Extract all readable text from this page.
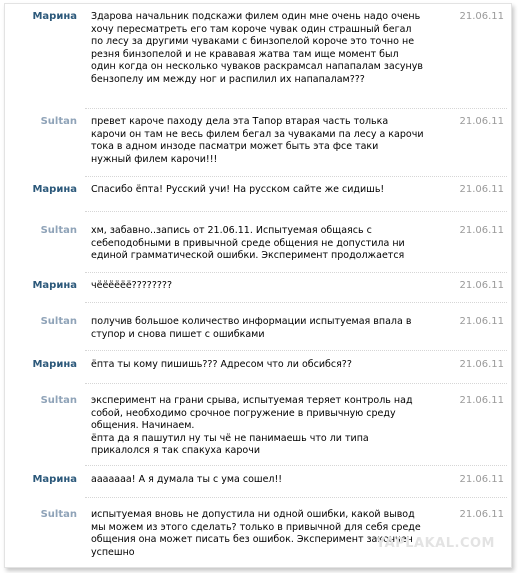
Марина Здарова начальник подскажи филем один мне очень надо очень
хочу пересматреть его там короче чувак один страшный бегал
по лесу за другими чуваками с бинзопелой короче это точно не
резня бинзопелой и не крававая жатва там ище момент был
один когда он несколько чуваков раскрамсал напапалам засунув
бензопелу им между ног и распилил их напапалам???
21.06.11
Sultan превет кароче паходу дела эта Тапор втарая часть толька
карочи он там не весь филем бегал за чуваками па лесу а карочи
тока в адном инзоде пасматри может быть эта фсе таки
нужный филем карочи!!!
21.06.11
Марина Спасибо ёпта! Русский учи! На русском сайте же сидишь!	21.06.11
Sultan хм, забавно..запись от 21.06.11. Испытуемая общаясь с
себеподобными в привычной среде общения не допустила ни
единой грамматической ошибки. Эксперимент продолжается
21.06.11
Марина чёёёёёё????????	21.06.11
Sultan получив большое количество информации испытуемая впала в
ступор и снова пишет с ошибками
21.06.11
Марина ёпта ты кому пишишь??? Адресом что ли обсибся??	21.06.11
Sultan эксперимент на грани срыва, испытуемая теряет контроль над
собой, необходимо срочное погружение в привычную среду
общения. Начинаем.
ёпта да я пашутил ну ты чё не панимаешь что ли типа
прикалолся я так спакуха карочи
21.06.11
Марина ааааааа! А я думала ты с ума сошел!!	21.06.11
Sultan испытуемая вновь не допустила ни одной ошибки, какой вывод
мы можем из этого сделать? только в привычной для себя среде
общения она может писать без ошибок. Эксперимент закончен
успешно
21.06.11
YAPLAKAL.COM
